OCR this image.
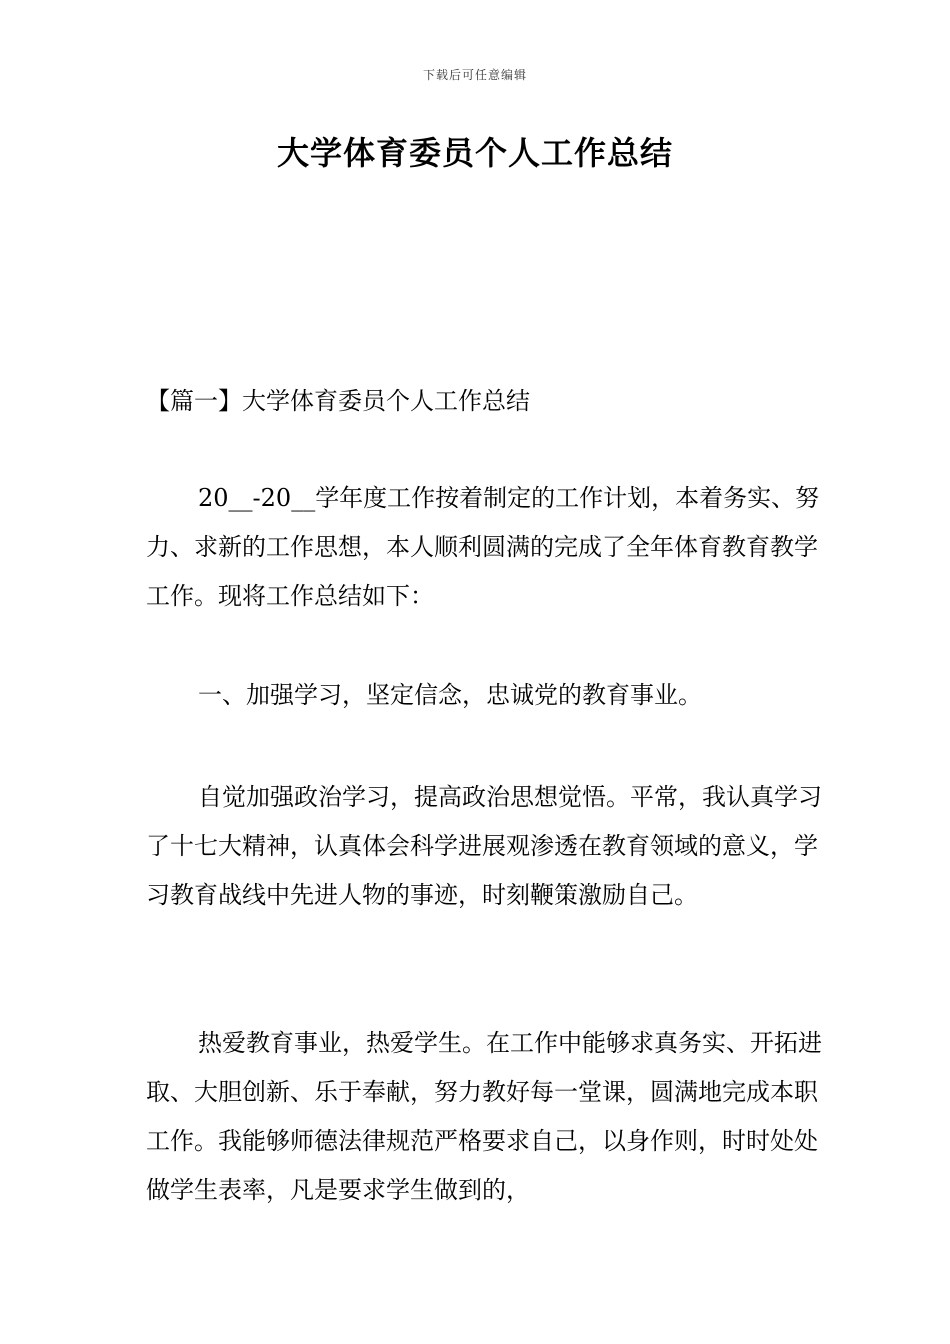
下载后可任意编辑
大学体育委员个人工作总结
【篇一】大学体育委员个人工作总结
20__-20__学年度工作按着制定的工作计划，本着务实、努力、求新的工作思想，本人顺利圆满的完成了全年体育教育教学工作。现将工作总结如下：
一、加强学习，坚定信念，忠诚党的教育事业。
自觉加强政治学习，提高政治思想觉悟。平常，我认真学习了十七大精神，认真体会科学进展观渗透在教育领域的意义，学习教育战线中先进人物的事迹，时刻鞭策激励自己。
热爱教育事业，热爱学生。在工作中能够求真务实、开拓进取、大胆创新、乐于奉献，努力教好每一堂课，圆满地完成本职工作。我能够师德法律规范严格要求自己，以身作则，时时处处做学生表率，凡是要求学生做到的，
